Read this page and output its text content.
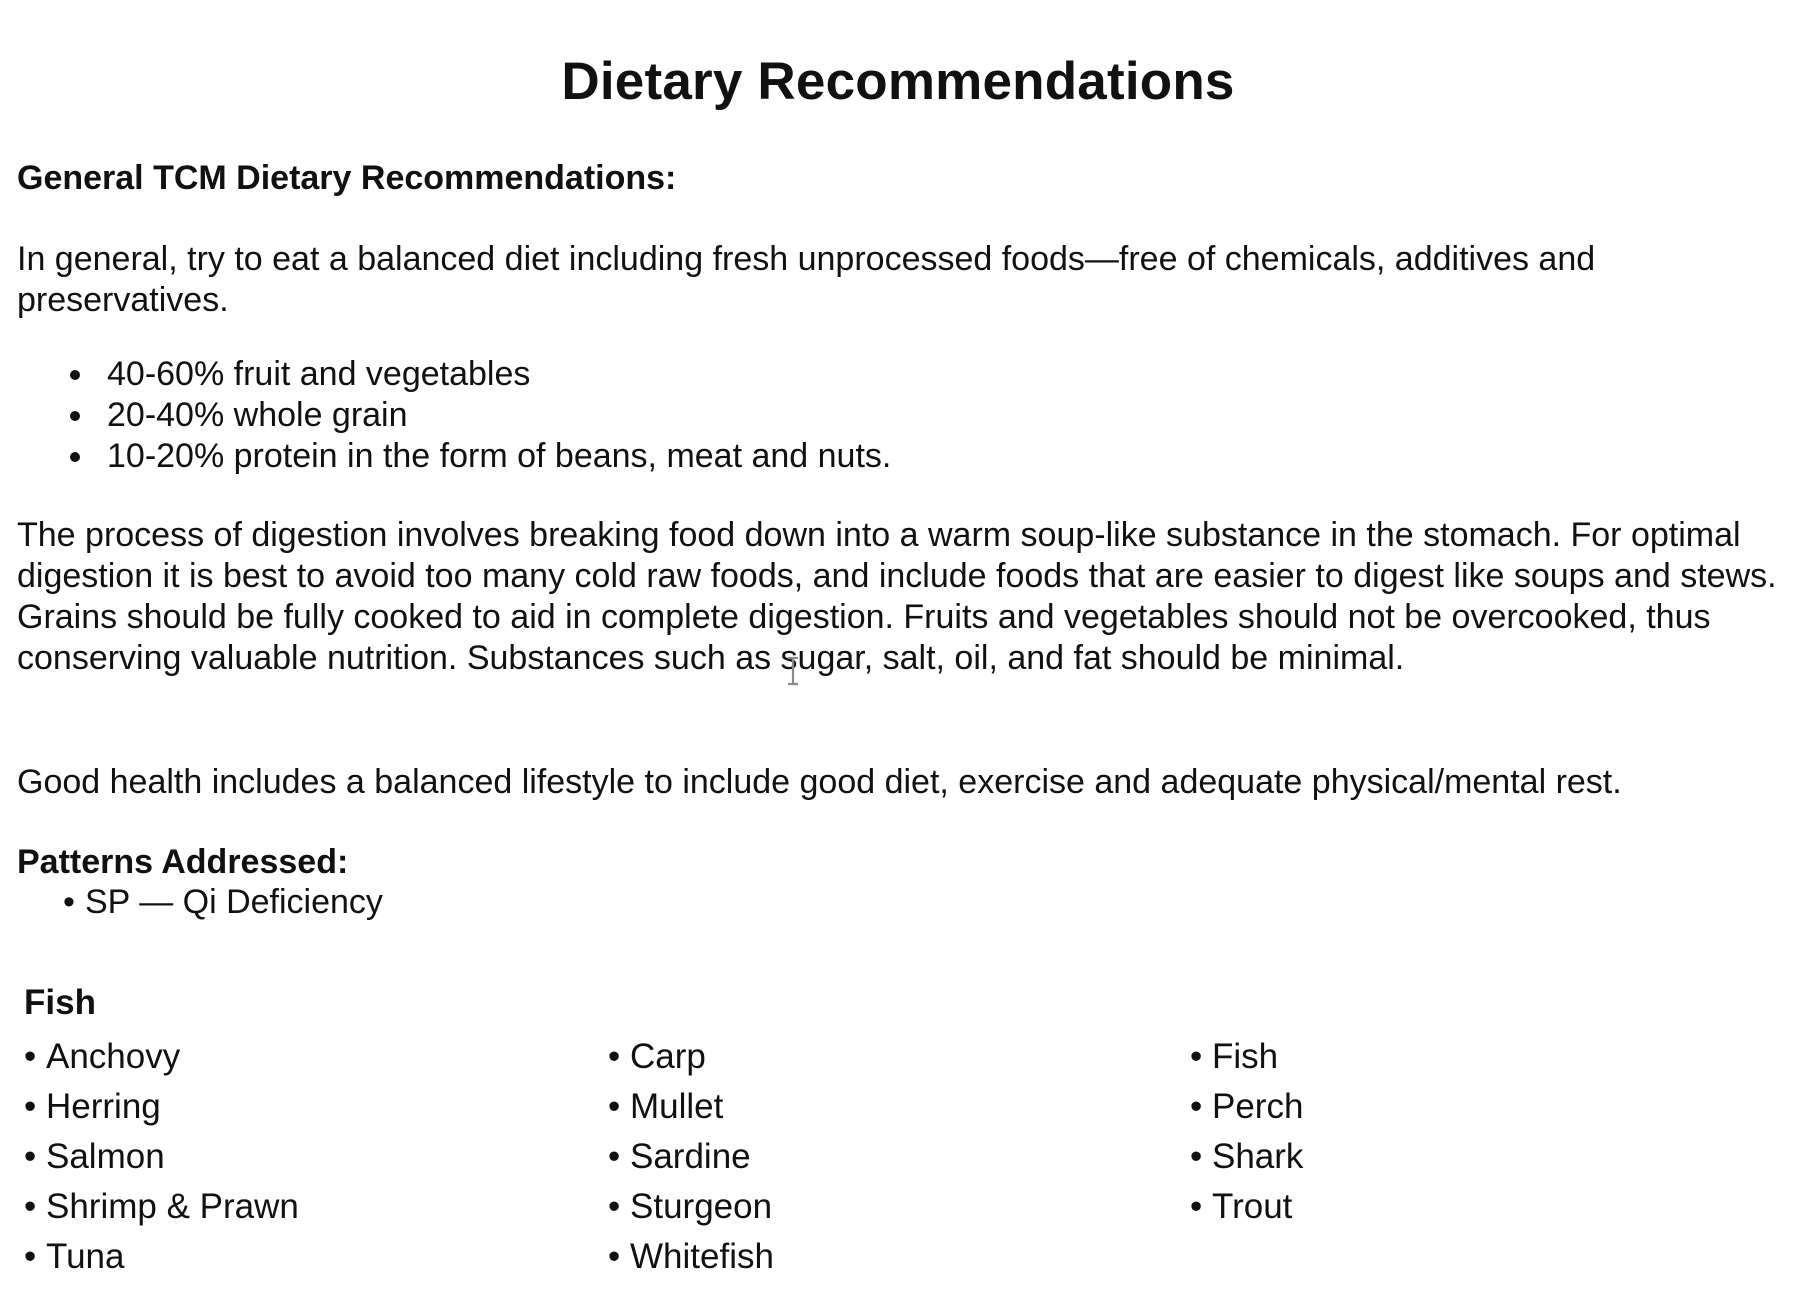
Dietary Recommendations
General TCM Dietary Recommendations:

In general, try to eat a balanced diet including fresh unprocessed foods—free of chemicals, additives and preservatives.

40-60% fruit and vegetables
20-40% whole grain
10-20% protein in the form of beans, meat and nuts.

The process of digestion involves breaking food down into a warm soup-like substance in the stomach. For optimal digestion it is best to avoid too many cold raw foods, and include foods that are easier to digest like soups and stews. Grains should be fully cooked to aid in complete digestion. Fruits and vegetables should not be overcooked, thus conserving valuable nutrition. Substances such as sugar, salt, oil, and fat should be minimal.

Good health includes a balanced lifestyle to include good diet, exercise and adequate physical/mental rest.

Patterns Addressed:
• SP — Qi Deficiency
Fish
• Anchovy
• Herring
• Salmon
• Shrimp & Prawn
• Tuna
• Carp
• Mullet
• Sardine
• Sturgeon
• Whitefish
• Fish
• Perch
• Shark
• Trout
